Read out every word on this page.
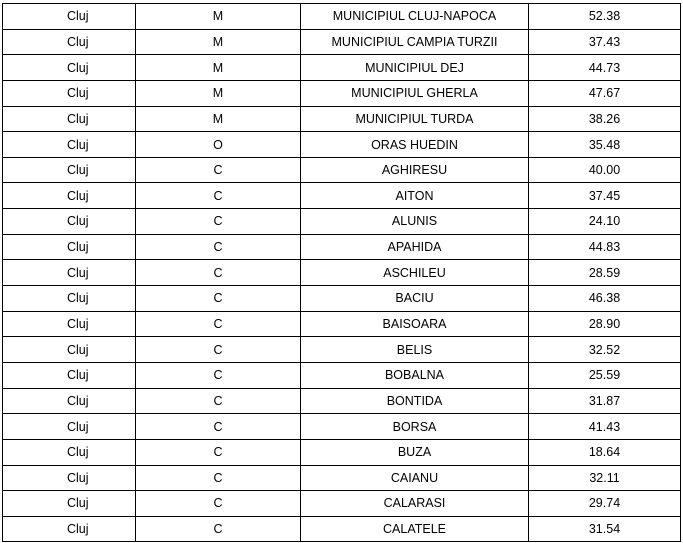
Cluj	M	MUNICIPIUL CLUJ-NAPOCA	52.38
Cluj	M	MUNICIPIUL CAMPIA TURZII	37.43
Cluj	M	MUNICIPIUL DEJ	44.73
Cluj	M	MUNICIPIUL GHERLA	47.67
Cluj	M	MUNICIPIUL TURDA	38.26
Cluj	O	ORAS HUEDIN	35.48
Cluj	C	AGHIRESU	40.00
Cluj	C	AITON	37.45
Cluj	C	ALUNIS	24.10
Cluj	C	APAHIDA	44.83
Cluj	C	ASCHILEU	28.59
Cluj	C	BACIU	46.38
Cluj	C	BAISOARA	28.90
Cluj	C	BELIS	32.52
Cluj	C	BOBALNA	25.59
Cluj	C	BONTIDA	31.87
Cluj	C	BORSA	41.43
Cluj	C	BUZA	18.64
Cluj	C	CAIANU	32.11
Cluj	C	CALARASI	29.74
Cluj	C	CALATELE	31.54
